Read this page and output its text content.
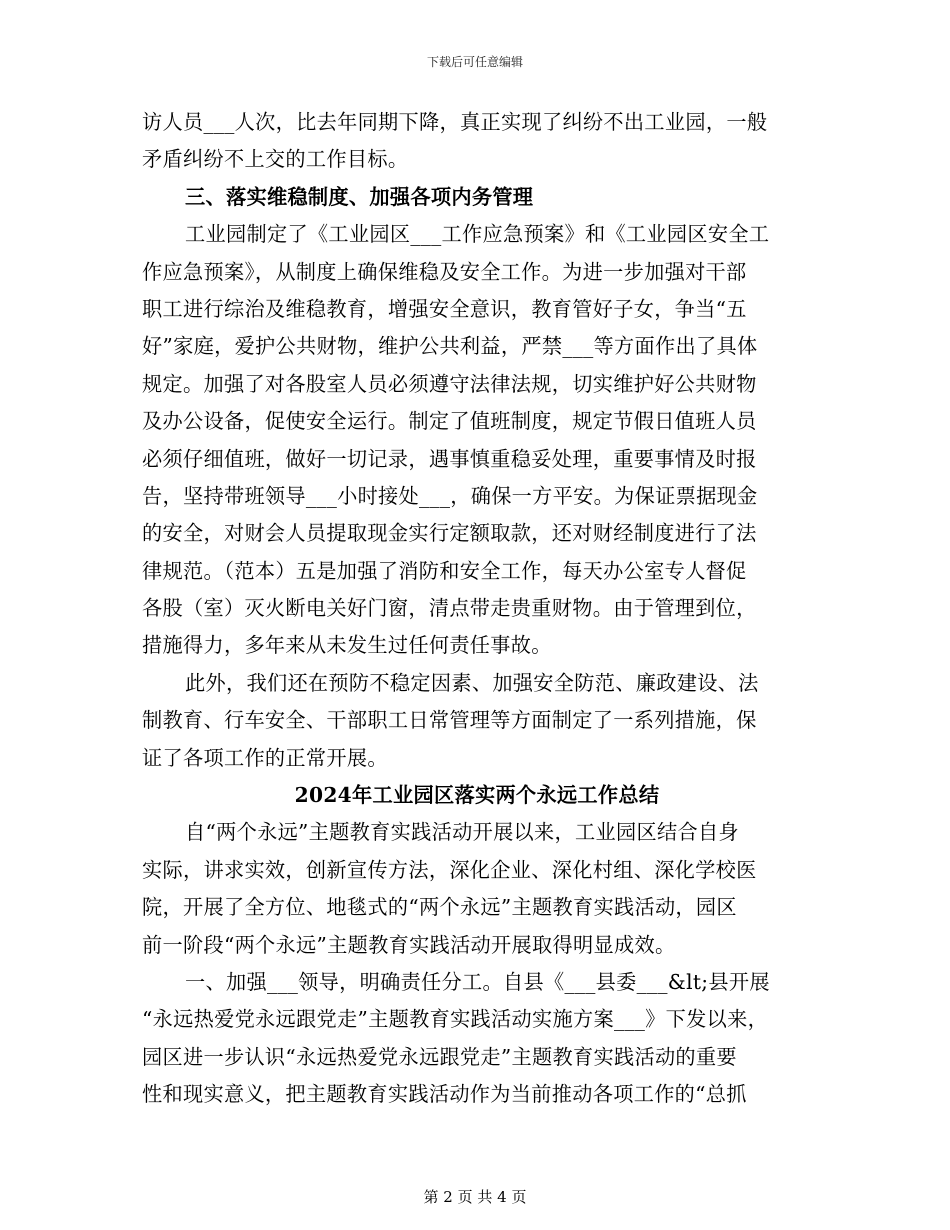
下载后可任意编辑
访人员___人次，比去年同期下降，真正实现了纠纷不出工业园，一般
矛盾纠纷不上交的工作目标。
三、落实维稳制度、加强各项内务管理
工业园制定了《工业园区___工作应急预案》和《工业园区安全工
作应急预案》，从制度上确保维稳及安全工作。为进一步加强对干部
职工进行综治及维稳教育，增强安全意识，教育管好子女，争当“五
好”家庭，爱护公共财物，维护公共利益，严禁___等方面作出了具体
规定。加强了对各股室人员必须遵守法律法规，切实维护好公共财物
及办公设备，促使安全运行。制定了值班制度，规定节假日值班人员
必须仔细值班，做好一切记录，遇事慎重稳妥处理，重要事情及时报
告，坚持带班领导___小时接处___，确保一方平安。为保证票据现金
的安全，对财会人员提取现金实行定额取款，还对财经制度进行了法
律规范。（范本）五是加强了消防和安全工作，每天办公室专人督促
各股（室）灭火断电关好门窗，清点带走贵重财物。由于管理到位，
措施得力，多年来从未发生过任何责任事故。
此外，我们还在预防不稳定因素、加强安全防范、廉政建设、法
制教育、行车安全、干部职工日常管理等方面制定了一系列措施，保
证了各项工作的正常开展。
2024年工业园区落实两个永远工作总结
自“两个永远”主题教育实践活动开展以来，工业园区结合自身
实际，讲求实效，创新宣传方法，深化企业、深化村组、深化学校医
院，开展了全方位、地毯式的“两个永远”主题教育实践活动，园区
前一阶段“两个永远”主题教育实践活动开展取得明显成效。
一、加强___领导，明确责任分工。自县《___县委___&lt;县开展
“永远热爱党永远跟党走”主题教育实践活动实施方案___》下发以来，
园区进一步认识“永远热爱党永远跟党走”主题教育实践活动的重要
性和现实意义，把主题教育实践活动作为当前推动各项工作的“总抓
第 2 页 共 4 页
